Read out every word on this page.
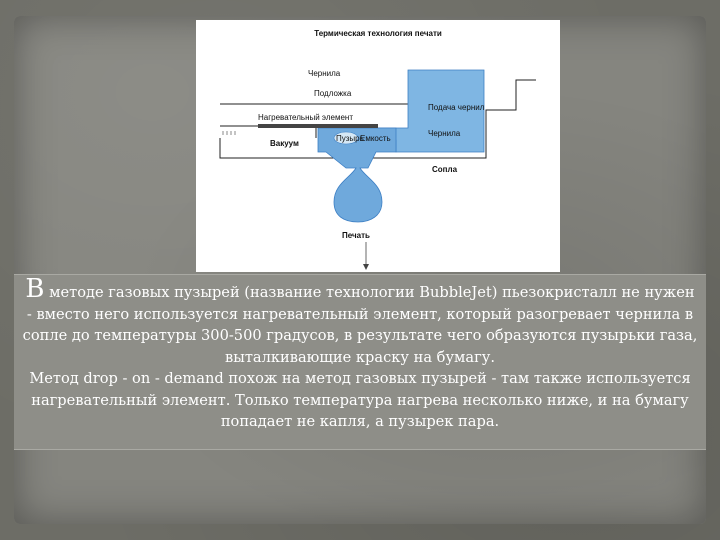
Термическая технология печати
Чернила
Подложка
Нагревательный элемент
Вакуум
Пузырь
Емкость
Подача чернил
Чернила
Сопла
Печать

В методе газовых пузырей (название технологии BubbleJet) пьезокристалл не нужен - вместо него используется нагревательный элемент, который разогревает чернила в сопле до температуры 300-500 градусов, в результате чего образуются пузырьки газа, выталкивающие краску на бумагу.

Метод drop - on - demand похож на метод газовых пузырей - там также используется нагревательный элемент. Только температура нагрева несколько ниже, и на бумагу попадает не капля, а пузырек пара.
